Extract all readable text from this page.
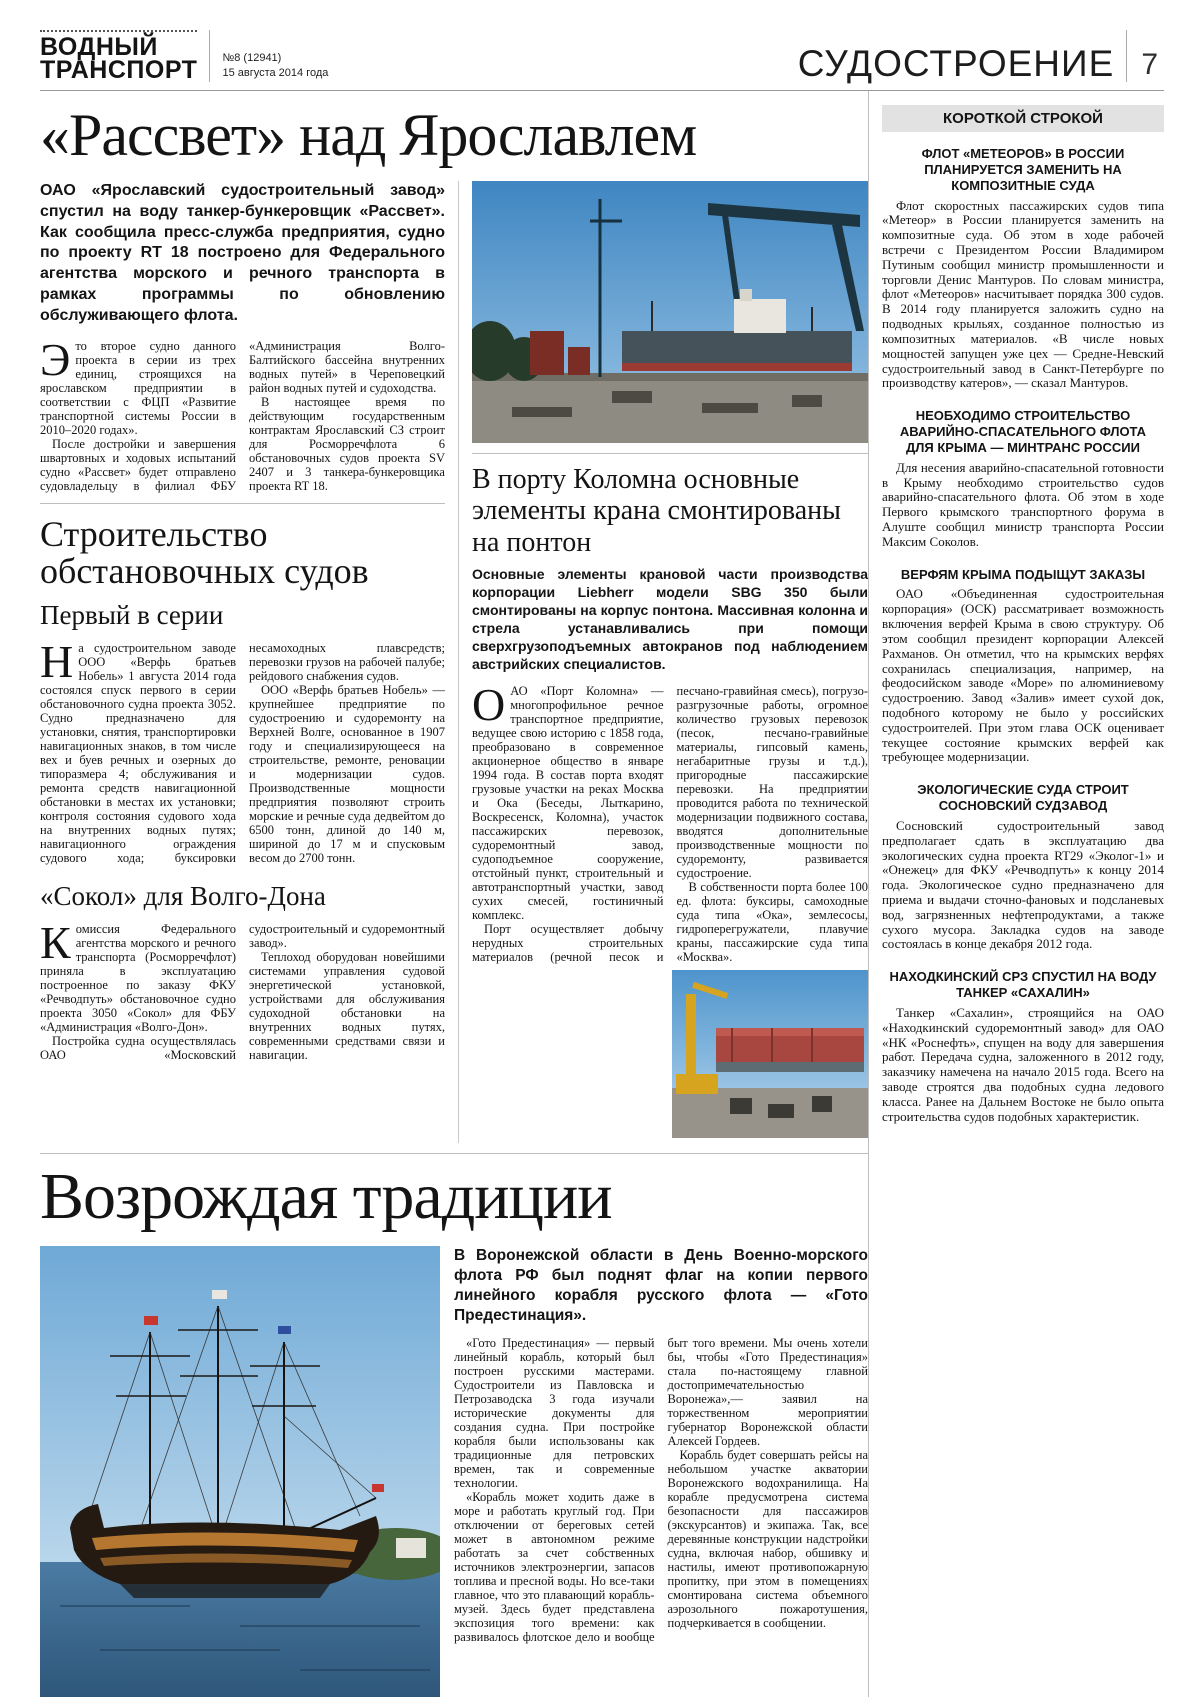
ВОДНЫЙ
ТРАНСПОРТ №8 (12941)
15 августа 2014 года	СУДОСТРОЕНИЕ 7
«Рассвет» над Ярославлем
ОАО «Ярославский судостроительный завод» спустил на воду танкер-бункеровщик «Рассвет». Как сообщила пресс-служба предприятия, судно по проекту RT 18 построено для Федерального агентства морского и речного транспорта в рамках программы по обновлению обслуживающего флота.

Это второе судно данного проекта в серии из трех единиц, строящихся на ярославском предприятии в соответствии с ФЦП «Развитие транспортной системы России в 2010–2020 годах».

После достройки и завершения швартовных и ходовых испытаний судно «Рассвет» будет отправлено судовладельцу в филиал ФБУ «Администрация Волго-Балтийского бассейна внутренних водных путей» в Череповецкий район водных путей и судоходства.

В настоящее время по действующим государственным контрактам Ярославский СЗ строит для Росморречфлота 6 обстановочных судов проекта SV 2407 и 3 танкера-бункеровщика проекта RT 18.

Строительство обстановочных судов
Первый в серии

На судостроительном заводе ООО «Верфь братьев Нобель» 1 августа 2014 года состоялся спуск первого в серии обстановочного судна проекта 3052. Судно предназначено для установки, снятия, транспортировки навигационных знаков, в том числе вех и буев речных и озерных до типоразмера 4; обслуживания и ремонта средств навигационной обстановки в местах их установки; контроля состояния судового хода на внутренних водных путях; навигационного ограждения судового хода; буксировки несамоходных плавсредств; перевозки грузов на рабочей палубе; рейдового снабжения судов.

ООО «Верфь братьев Нобель» — крупнейшее предприятие по судостроению и судоремонту на Верхней Волге, основанное в 1907 году и специализирующееся на строительстве, ремонте, реновации и модернизации судов. Производственные мощности предприятия позволяют строить морские и речные суда дедвейтом до 6500 тонн, длиной до 140 м, шириной до 17 м и спусковым весом до 2700 тонн.

«Сокол» для Волго-Дона

Комиссия Федерального агентства морского и речного транспорта (Росморречфлот) приняла в эксплуатацию построенное по заказу ФКУ «Речводпуть» обстановочное судно проекта 3050 «Сокол» для ФБУ «Администрация «Волго-Дон».

Постройка судна осуществлялась ОАО «Московский судостроительный и судоремонтный завод».

Теплоход оборудован новейшими системами управления судовой энергетической установкой, устройствами для обслуживания судоходной обстановки на внутренних водных путях, современными средствами связи и навигации.

В порту Коломна основные элементы крана смонтированы на понтон
Основные элементы крановой части производства корпорации Liebherr модели SBG 350 были смонтированы на корпус понтона. Массивная колонна и стрела устанавливались при помощи сверхгрузоподъемных автокранов под наблюдением австрийских специалистов.

ОАО «Порт Коломна» — многопрофильное речное транспортное предприятие, ведущее свою историю с 1858 года, преобразовано в современное акционерное общество в январе 1994 года. В состав порта входят грузовые участки на реках Москва и Ока (Беседы, Лыткарино, Воскресенск, Коломна), участок пассажирских перевозок, судоремонтный завод, судоподъемное сооружение, отстойный пункт, строительный и автотранспортный участки, завод сухих смесей, гостиничный комплекс.

Порт осуществляет добычу нерудных строительных материалов (речной песок и песчано-гравийная смесь), погрузо-разгрузочные работы, огромное количество грузовых перевозок (песок, песчано-гравийные материалы, гипсовый камень, негабаритные грузы и т.д.), пригородные пассажирские перевозки. На предприятии проводится работа по технической модернизации подвижного состава, вводятся дополнительные производственные мощности по судоремонту, развивается судостроение.

В собственности порта более 100 ед. флота: буксиры, самоходные суда типа «Ока», землесосы, гидроперегружатели, плавучие краны, пассажирские суда типа «Москва».

Возрождая традиции
В Воронежской области в День Военно-морского флота РФ был поднят флаг на копии первого линейного корабля русского флота — «Гото Предестинация».

«Гото Предестинация» — первый линейный корабль, который был построен русскими мастерами. Судостроители из Павловска и Петрозаводска 3 года изучали исторические документы для создания судна. При постройке корабля были использованы как традиционные для петровских времен, так и современные технологии.

«Корабль может ходить даже в море и работать круглый год. При отключении от береговых сетей может в автономном режиме работать за счет собственных источников электроэнергии, запасов топлива и пресной воды. Но все-таки главное, что это плавающий корабль-музей. Здесь будет представлена экспозиция того времени: как развивалось флотское дело и вообще быт того времени. Мы очень хотели бы, чтобы «Гото Предестинация» стала по-настоящему главной достопримечательностью Воронежа»,— заявил на торжественном мероприятии губернатор Воронежской области Алексей Гордеев.

Корабль будет совершать рейсы на небольшом участке акватории Воронежского водохранилища. На корабле предусмотрена система безопасности для пассажиров (экскурсантов) и экипажа. Так, все деревянные конструкции надстройки судна, включая набор, обшивку и настилы, имеют противопожарную пропитку, при этом в помещениях смонтирована система объемного аэрозольного пожаротушения, подчеркивается в сообщении.

КОРОТКОЙ СТРОКОЙ
ФЛОТ «МЕТЕОРОВ» В РОССИИ ПЛАНИРУЕТСЯ ЗАМЕНИТЬ НА КОМПОЗИТНЫЕ СУДА

Флот скоростных пассажирских судов типа «Метеор» в России планируется заменить на композитные суда. Об этом в ходе рабочей встречи с Президентом России Владимиром Путиным сообщил министр промышленности и торговли Денис Мантуров. По словам министра, флот «Метеоров» насчитывает порядка 300 судов. В 2014 году планируется заложить судно на подводных крыльях, созданное полностью из композитных материалов. «В числе новых мощностей запущен уже цех — Средне-Невский судостроительный завод в Санкт-Петербурге по производству катеров», — сказал Мантуров.

НЕОБХОДИМО СТРОИТЕЛЬСТВО АВАРИЙНО-СПАСАТЕЛЬНОГО ФЛОТА ДЛЯ КРЫМА — МИНТРАНС РОССИИ

Для несения аварийно-спасательной готовности в Крыму необходимо строительство судов аварийно-спасательного флота. Об этом в ходе Первого крымского транспортного форума в Алуште сообщил министр транспорта России Максим Соколов.

ВЕРФЯМ КРЫМА ПОДЫЩУТ ЗАКАЗЫ

ОАО «Объединенная судостроительная корпорация» (ОСК) рассматривает возможность включения верфей Крыма в свою структуру. Об этом сообщил президент корпорации Алексей Рахманов. Он отметил, что на крымских верфях сохранилась специализация, например, на феодосийском заводе «Море» по алюминиевому судостроению. Завод «Залив» имеет сухой док, подобного которому не было у российских судостроителей. При этом глава ОСК оценивает текущее состояние крымских верфей как требующее модернизации.

ЭКОЛОГИЧЕСКИЕ СУДА СТРОИТ СОСНОВСКИЙ СУДЗАВОД

Сосновский судостроительный завод предполагает сдать в эксплуатацию два экологических судна проекта RT29 «Эколог-1» и «Онежец» для ФКУ «Речводпуть» к концу 2014 года. Экологическое судно предназначено для приема и выдачи сточно-фановых и подсланевых вод, загрязненных нефтепродуктами, а также сухого мусора. Закладка судов на заводе состоялась в конце декабря 2012 года.

НАХОДКИНСКИЙ СРЗ СПУСТИЛ НА ВОДУ ТАНКЕР «САХАЛИН»

Танкер «Сахалин», строящийся на ОАО «Находкинский судоремонтный завод» для ОАО «НК «Роснефть», спущен на воду для завершения работ. Передача судна, заложенного в 2012 году, заказчику намечена на начало 2015 года. Всего на заводе строятся два подобных судна ледового класса. Ранее на Дальнем Востоке не было опыта строительства судов подобных характеристик.
